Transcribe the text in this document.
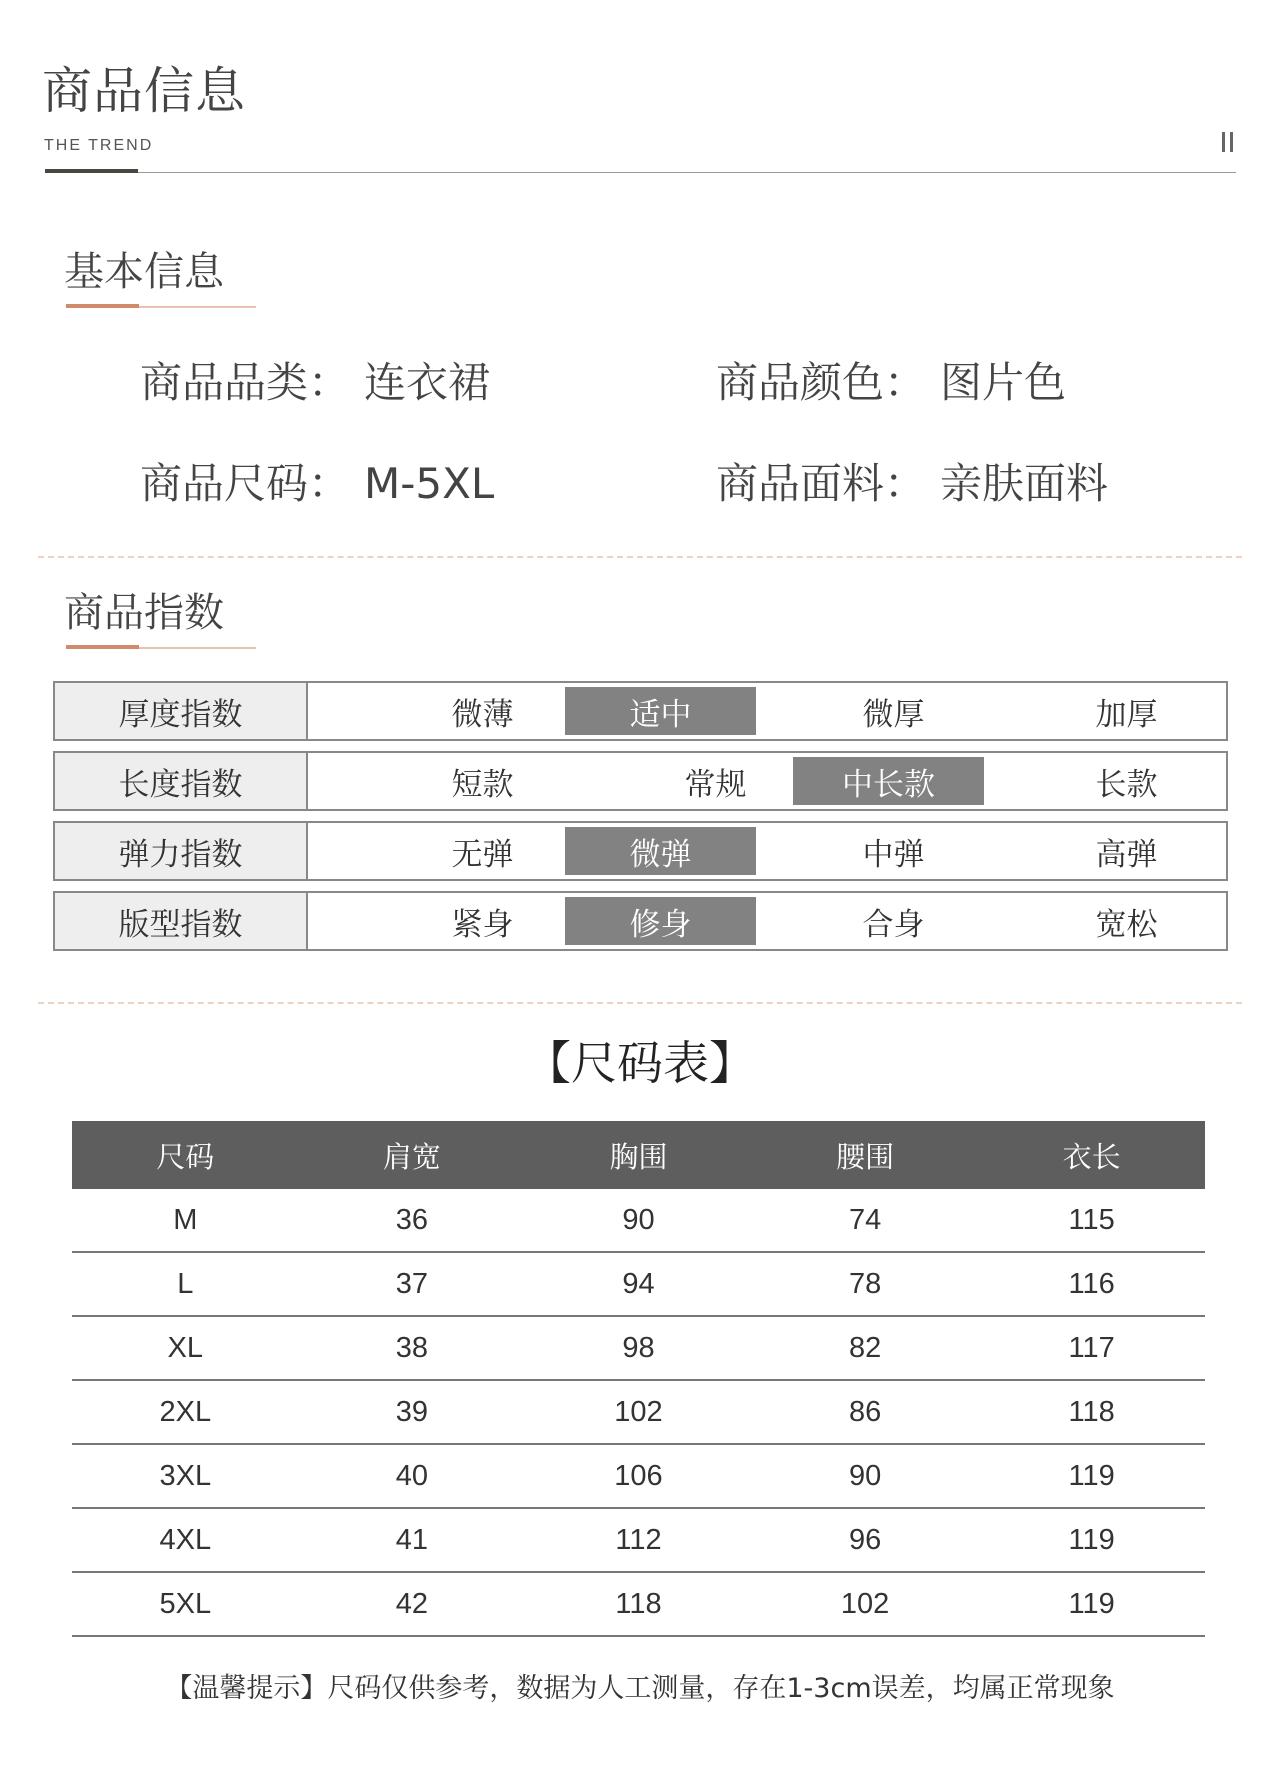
商品信息
THE TREND
基本信息
商品品类： 连衣裙	商品颜色： 图片色
商品尺码： M-5XL	商品面料： 亲肤面料
商品指数
厚度指数	微薄	适中	微厚	加厚
长度指数	短款	常规	中长款	长款
弹力指数	无弹	微弹	中弹	高弹
版型指数	紧身	修身	合身	宽松
【尺码表】
尺码	肩宽	胸围	腰围	衣长
M	36	90	74	115
L	37	94	78	116
XL	38	98	82	117
2XL	39	102	86	118
3XL	40	106	90	119
4XL	41	112	96	119
5XL	42	118	102	119
【温馨提示】尺码仅供参考，数据为人工测量，存在1-3cm误差，均属正常现象
